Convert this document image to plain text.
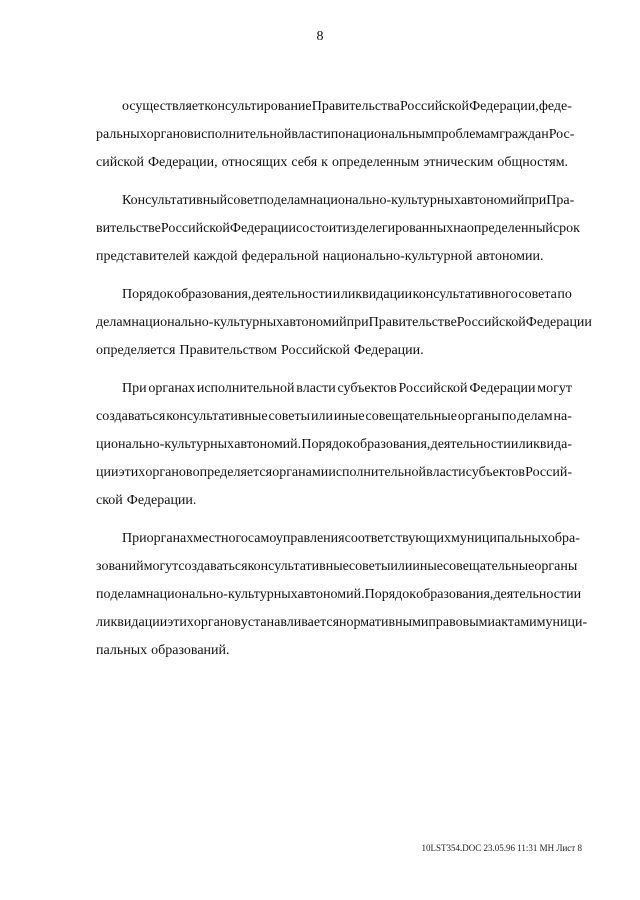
8
осуществляет консультирование Правительства Российской Федерации, феде-
ральных органов исполнительной власти по национальным проблемам граждан Рос-
сийской Федерации, относящих себя к определенным этническим общностям.
Консультативный совет по делам национально-культурных автономий при Пра-
вительстве Российской Федерации состоит из делегированных на определенный срок
представителей каждой федеральной национально-культурной автономии.
Порядок образования, деятельности и ликвидации консультативного совета по
делам национально-культурных автономий при Правительстве Российской Федерации
определяется Правительством Российской Федерации.
При органах исполнительной власти субъектов Российской Федерации могут
создаваться консультативные советы или иные совещательные органы по делам на-
ционально-культурных автономий. Порядок образования, деятельности и ликвида-
ции этих органов определяется органами исполнительной власти субъектов Россий-
ской Федерации.
При органах местного самоуправления соответствующих муниципальных обра-
зований могут создаваться консультативные советы или иные совещательные органы
по делам национально-культурных автономий. Порядок образования, деятельности и
ликвидации этих органов устанавливается нормативными правовыми актами муници-
пальных образований.
10LST354.DOC 23.05.96 11:31 МН Лист 8
